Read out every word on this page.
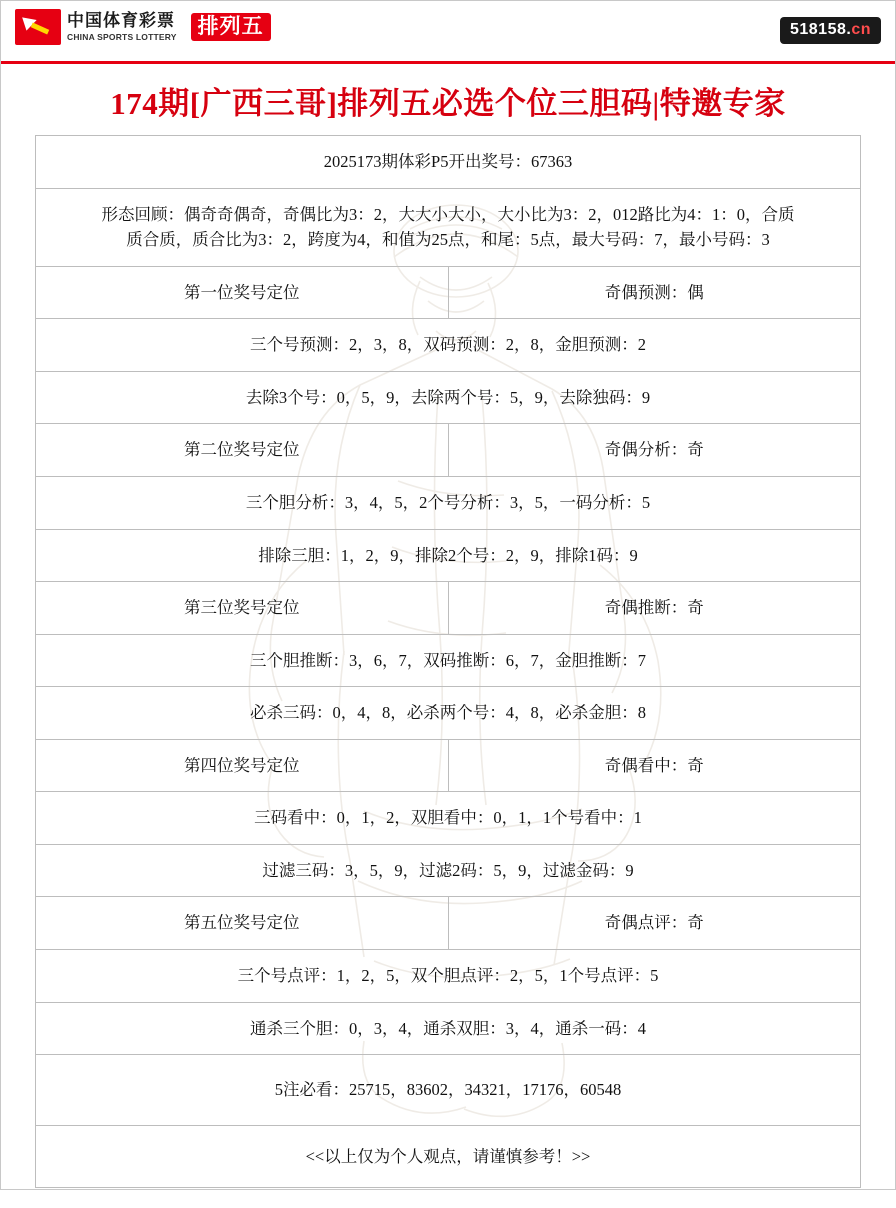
中国体育彩票
CHINA SPORTS LOTTERY	排列五	518158.cn
174期[广西三哥]排列五必选个位三胆码|特邀专家
2025173期体彩P5开出奖号：67363	
形态回顾：偶奇奇偶奇，奇偶比为3：2，大大小大小，大小比为3：2，012路比为4：1：0，合质
质合质，质合比为3：2，跨度为4，和值为25点，和尾：5点，最大号码：7，最小号码：3	

第一位奖号定位	奇偶预测：偶
三个号预测：2，3，8，双码预测：2，8，金胆预测：2	
去除3个号：0，5，9，去除两个号：5，9，去除独码：9	
第二位奖号定位	奇偶分析：奇
三个胆分析：3，4，5，2个号分析：3，5，一码分析：5	
排除三胆：1，2，9，排除2个号：2，9，排除1码：9	
第三位奖号定位	奇偶推断：奇
三个胆推断：3，6，7，双码推断：6，7，金胆推断：7	
必杀三码：0，4，8，必杀两个号：4，8，必杀金胆：8	
第四位奖号定位	奇偶看中：奇
三码看中：0，1，2，双胆看中：0，1，1个号看中：1	
过滤三码：3，5，9，过滤2码：5，9，过滤金码：9	
第五位奖号定位	奇偶点评：奇
三个号点评：1，2，5，双个胆点评：2，5，1个号点评：5	
通杀三个胆：0，3，4，通杀双胆：3，4，通杀一码：4	
5注必看：25715，83602，34321，17176，60548	
<<以上仅为个人观点，请谨慎参考！>>	
